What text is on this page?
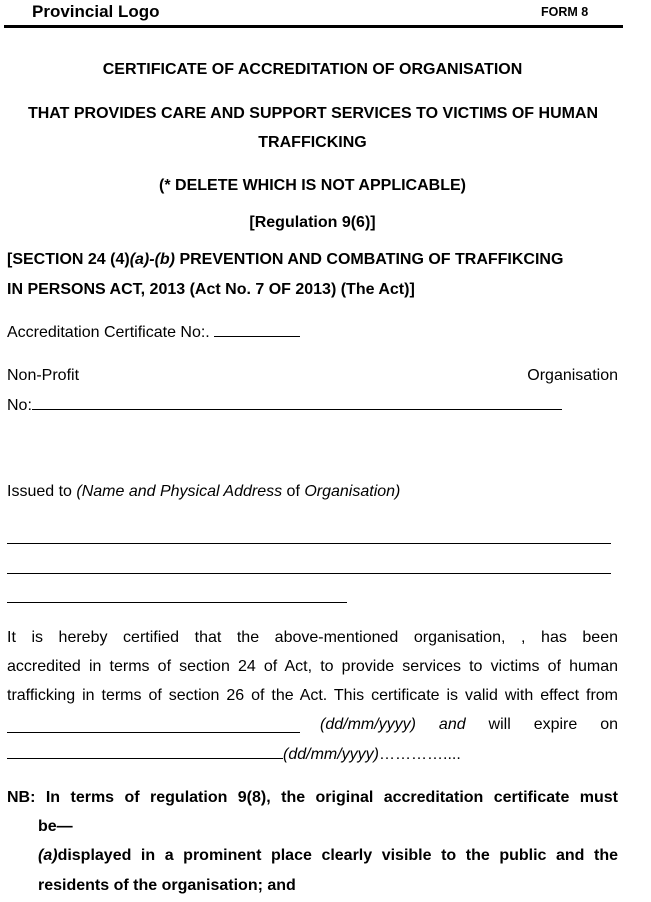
Provincial Logo	FORM 8
CERTIFICATE OF ACCREDITATION OF ORGANISATION
THAT PROVIDES CARE AND SUPPORT SERVICES TO VICTIMS OF HUMAN
TRAFFICKING
(* DELETE WHICH IS NOT APPLICABLE)
[Regulation 9(6)]
[SECTION 24 (4)(a)-(b) PREVENTION AND COMBATING OF TRAFFIKCING
IN PERSONS ACT, 2013 (Act No. 7 OF 2013) (The Act)]
Accreditation Certificate No:.
Non-Profit	Organisation
No:
Issued to (Name and Physical Address of Organisation)
It is hereby certified that the above-mentioned organisation, , has been
accredited in terms of section 24 of Act, to provide services to victims of human
trafficking in terms of section 26 of the Act. This certificate is valid with effect from
(dd/mm/yyyy) and will expire on
(dd/mm/yyyy)…………....
NB: In terms of regulation 9(8), the original accreditation certificate must
be—
(a)displayed in a prominent place clearly visible to the public and the
residents of the organisation; and
